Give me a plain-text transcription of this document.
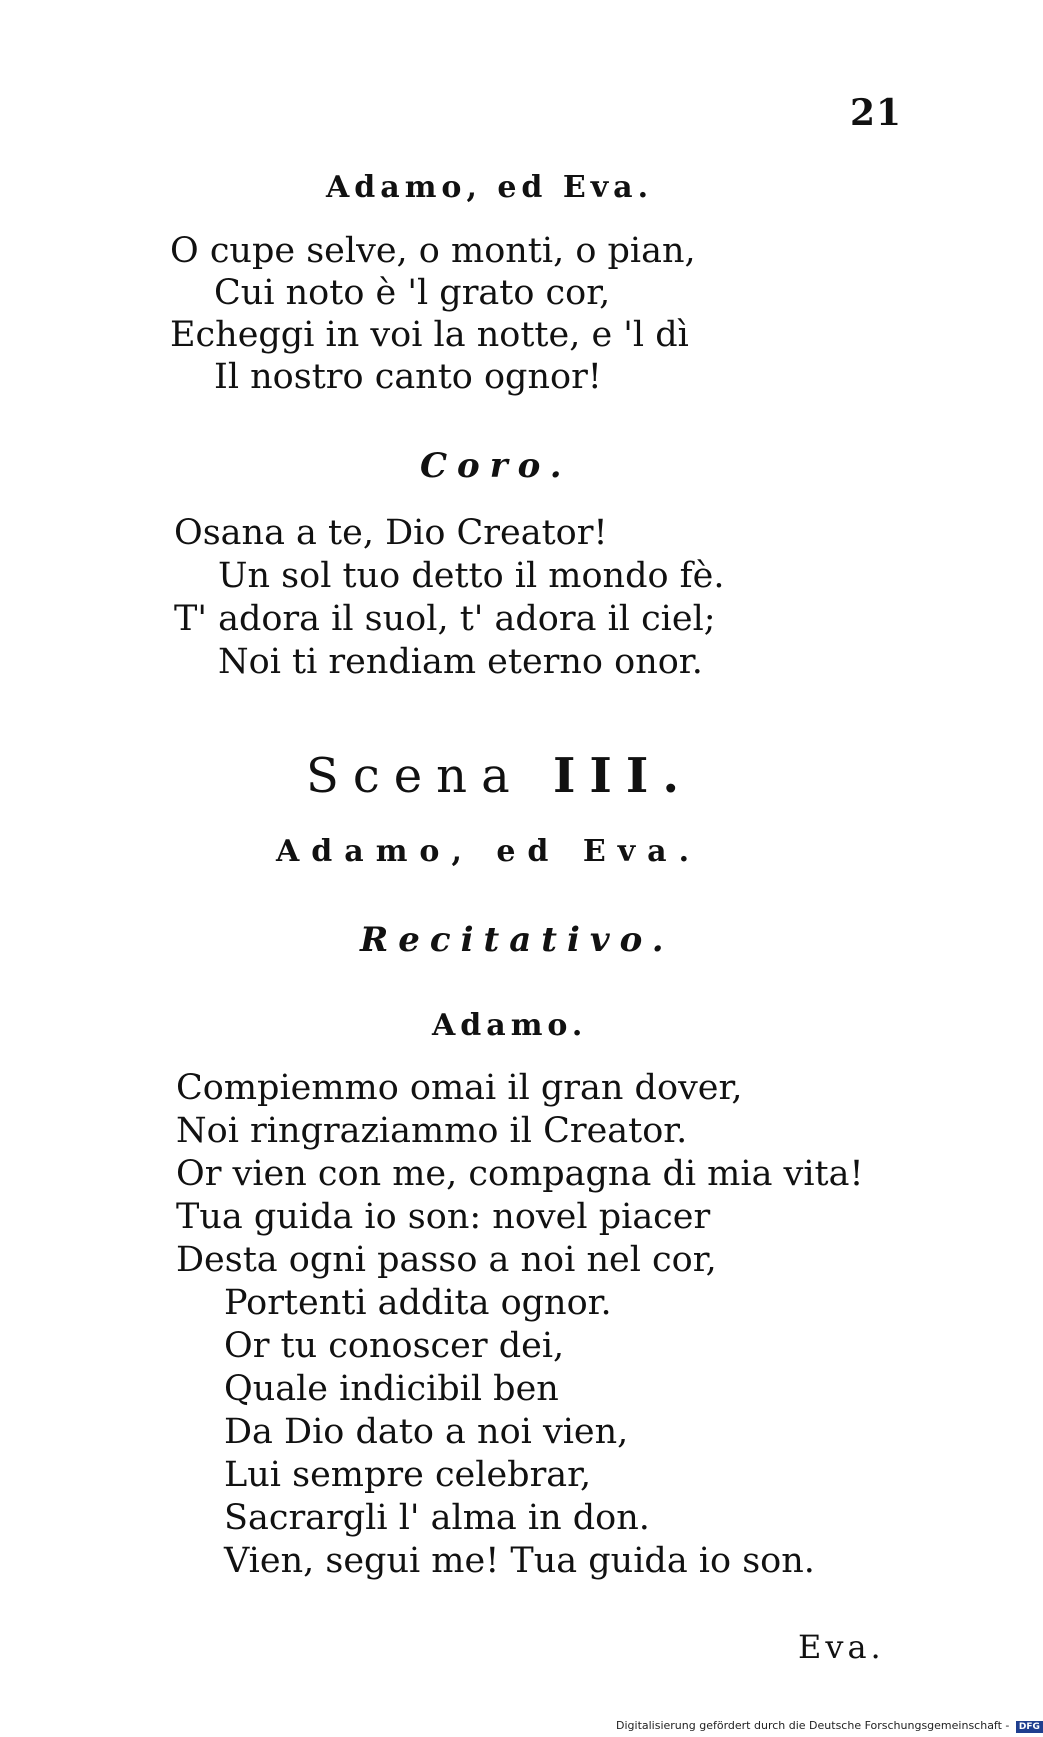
21
Adamo, ed Eva.
O cupe selve, o monti, o pian,
Cui noto è 'l grato cor,
Echeggi in voi la notte, e 'l dì
Il nostro canto ognor!
Coro.
Osana a te, Dio Creator!
Un sol tuo detto il mondo fè.
T' adora il suol, t' adora il ciel;
Noi ti rendiam eterno onor.
Scena III.
Adamo, ed Eva.
Recitativo.
Adamo.
Compiemmo omai il gran dover,
Noi ringraziammo il Creator.
Or vien con me, compagna di mia vita!
Tua guida io son: novel piacer
Desta ogni passo a noi nel cor,
Portenti addita ognor.
Or tu conoscer dei,
Quale indicibil ben
Da Dio dato a noi vien,
Lui sempre celebrar,
Sacrargli l' alma in don.
Vien, segui me! Tua guida io son.
Eva.
Digitalisierung gefördert durch die Deutsche Forschungsgemeinschaft - DFG
